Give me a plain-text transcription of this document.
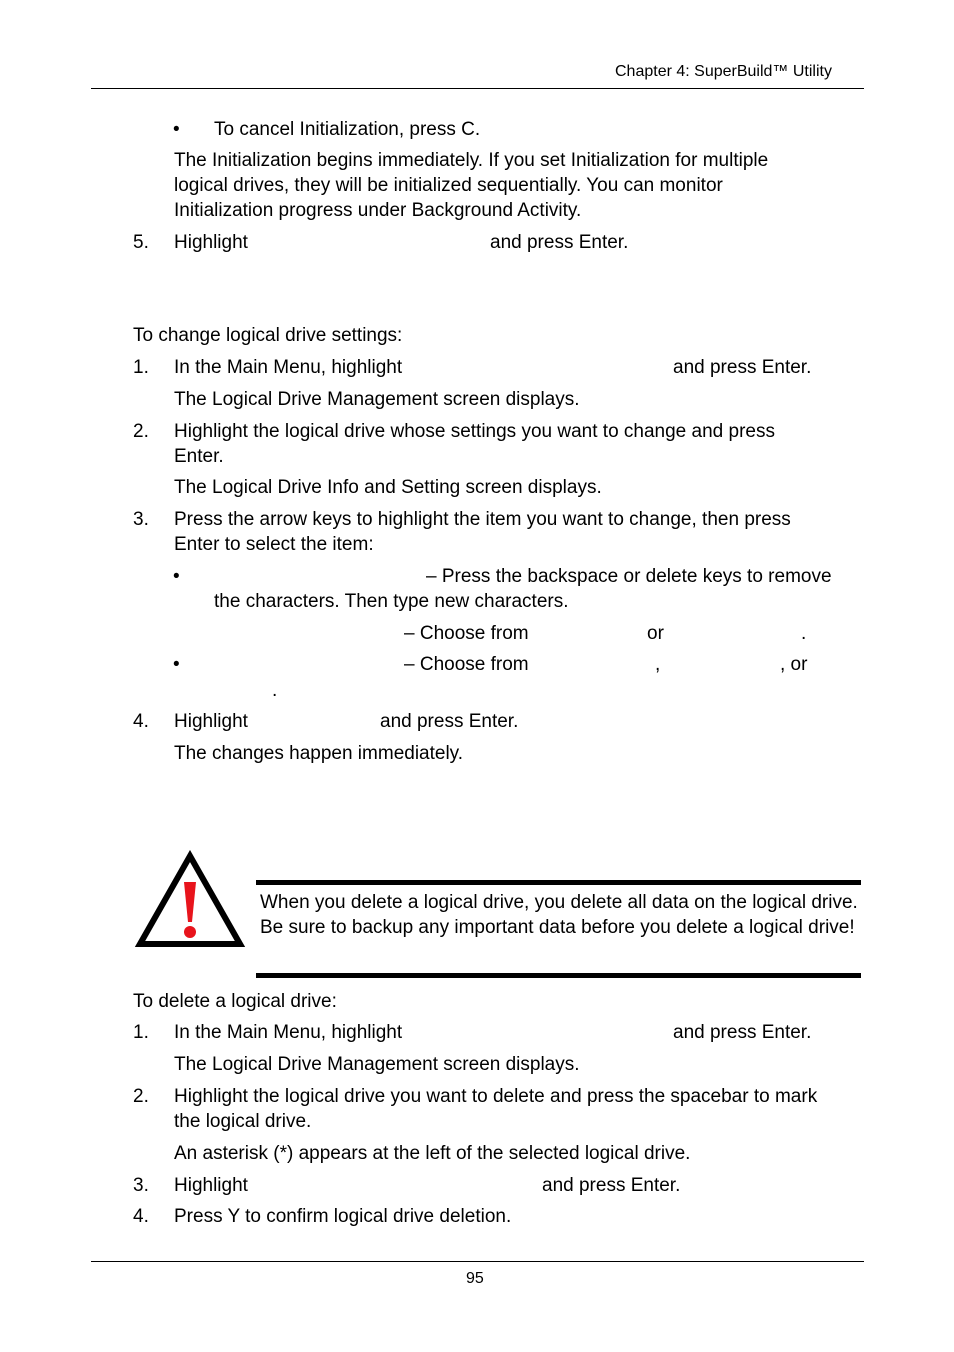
Chapter 4: SuperBuild™ Utility
• To cancel Initialization, press C.
The Initialization begins immediately. If you set Initialization for multiple
logical drives, they will be initialized sequentially. You can monitor
Initialization progress under Background Activity.
5. Highlight	and press Enter.
To change logical drive settings:
1. In the Main Menu, highlight	and press Enter.
The Logical Drive Management screen displays.
2. Highlight the logical drive whose settings you want to change and press
Enter.
The Logical Drive Info and Setting screen displays.
3. Press the arrow keys to highlight the item you want to change, then press
Enter to select the item:
•	– Press the backspace or delete keys to remove
the characters. Then type new characters.
– Choose from	or	.
•	– Choose from	,	, or
.
4. Highlight	and press Enter.
The changes happen immediately.
When you delete a logical drive, you delete all data on the logical drive. Be sure to backup any important data before you delete a logical drive!
To delete a logical drive:
1. In the Main Menu, highlight	and press Enter.
The Logical Drive Management screen displays.
2. Highlight the logical drive you want to delete and press the spacebar to mark
the logical drive.
An asterisk (*) appears at the left of the selected logical drive.
3. Highlight	and press Enter.
4. Press Y to confirm logical drive deletion.
95
